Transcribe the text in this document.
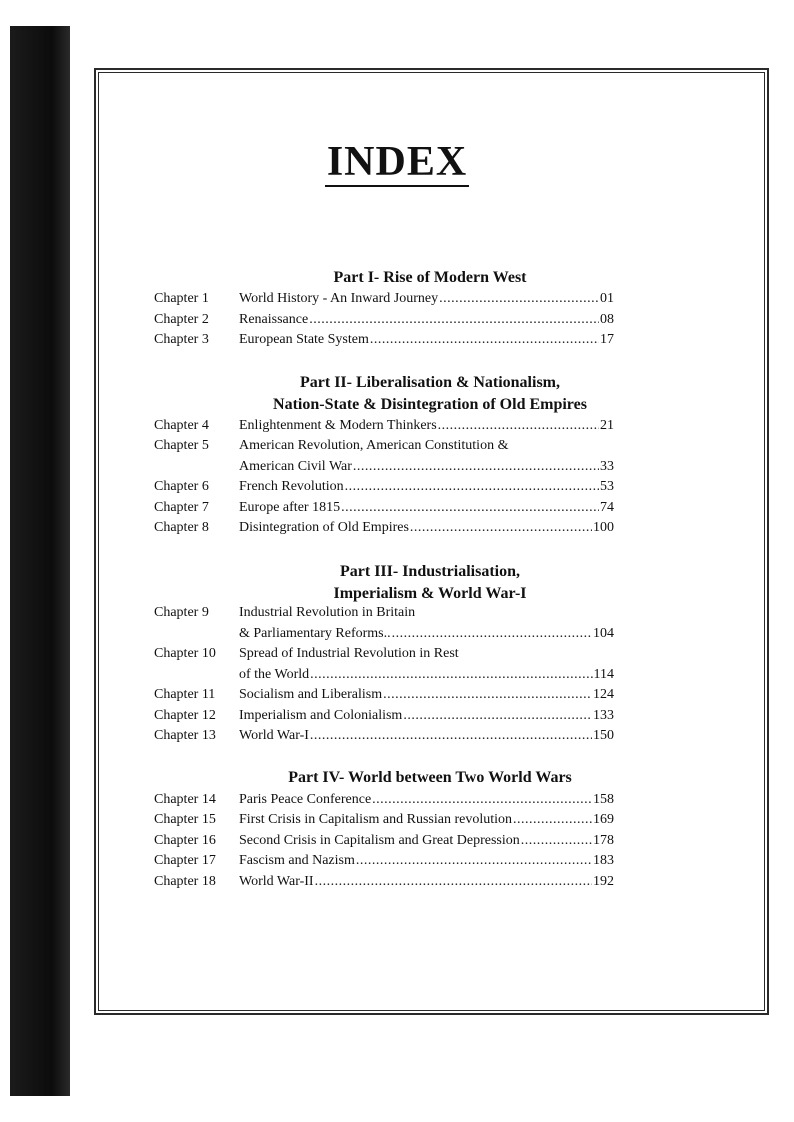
INDEX
Part I- Rise of Modern West
Chapter 1 World History - An Inward Journey .....	01
Chapter 2 Renaissance .....	08
Chapter 3 European State System .....	17
Part II- Liberalisation & Nationalism,
Nation-State & Disintegration of Old Empires
Chapter 4 Enlightenment & Modern Thinkers .....	21
Chapter 5 American Revolution, American Constitution &
American Civil War .....	33
Chapter 6 French Revolution .....	53
Chapter 7 Europe after 1815 .....	74
Chapter 8 Disintegration of Old Empires .....	100
Part III- Industrialisation,
Imperialism & World War-I
Chapter 9 Industrial Revolution in Britain
& Parliamentary Reforms.. .....	104
Chapter 10 Spread of Industrial Revolution in Rest
of the World .....	114
Chapter 11 Socialism and Liberalism .....	124
Chapter 12 Imperialism and Colonialism .....	133
Chapter 13 World War-I .....	150
Part IV- World between Two World Wars
Chapter 14 Paris Peace Conference .....	158
Chapter 15 First Crisis in Capitalism and Russian revolution .....	169
Chapter 16 Second Crisis in Capitalism and Great Depression .....	178
Chapter 17 Fascism and Nazism .....	183
Chapter 18 World War-II .....	192
